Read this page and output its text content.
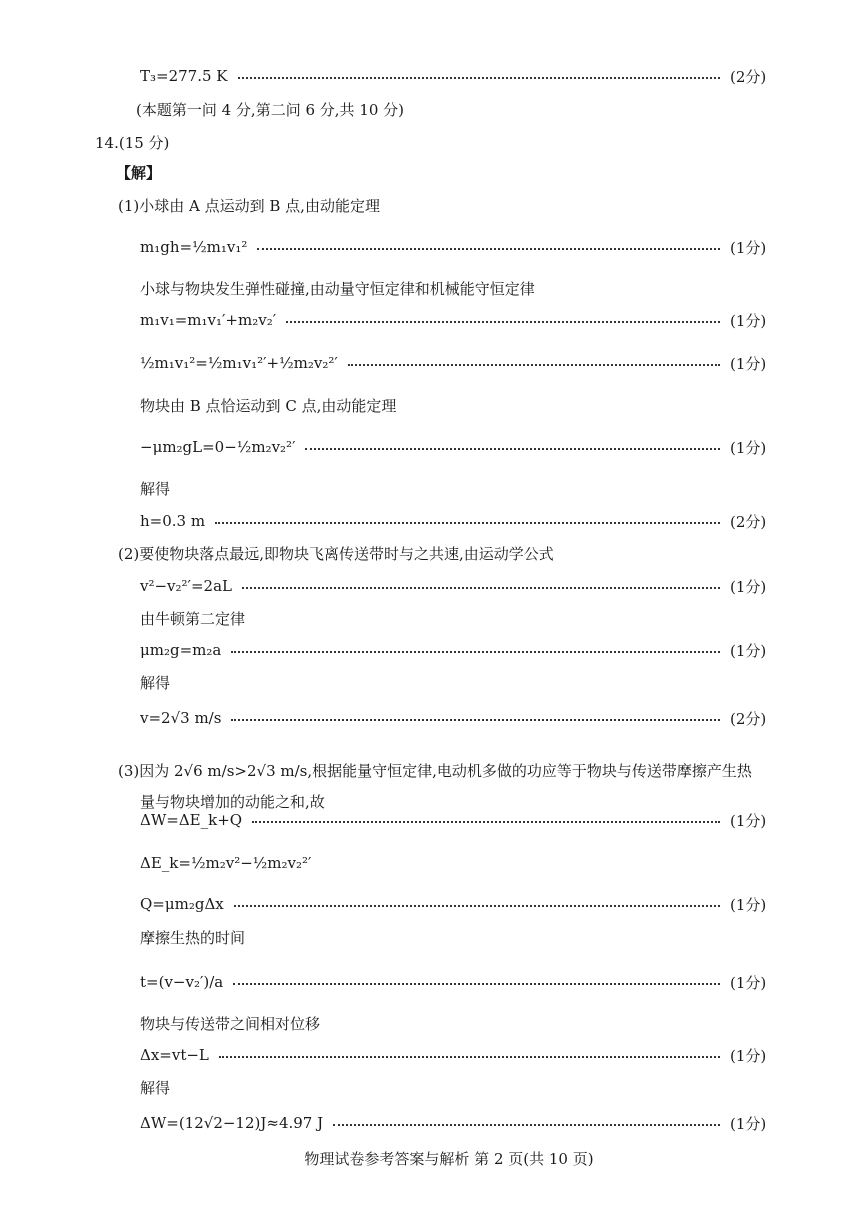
T₃=277.5 K	(2分)
(本题第一问 4 分,第二问 6 分,共 10 分)
14.(15 分)
【解】
(1)小球由 A 点运动到 B 点,由动能定理
m₁gh=½m₁v₁²	(1分)
小球与物块发生弹性碰撞,由动量守恒定律和机械能守恒定律
m₁v₁=m₁v₁′+m₂v₂′	(1分)
½m₁v₁²=½m₁v₁²′+½m₂v₂²′	(1分)
物块由 B 点恰运动到 C 点,由动能定理
−μm₂gL=0−½m₂v₂²′	(1分)
解得
h=0.3 m	(2分)
(2)要使物块落点最远,即物块飞离传送带时与之共速,由运动学公式
v²−v₂²′=2aL	(1分)
由牛顿第二定律
μm₂g=m₂a	(1分)
解得
v=2√3 m/s	(2分)
(3)因为 2√6 m/s>2√3 m/s,根据能量守恒定律,电动机多做的功应等于物块与传送带摩擦产生热
量与物块增加的动能之和,故
ΔW=ΔE_k+Q	(1分)
ΔE_k=½m₂v²−½m₂v₂²′
Q=μm₂gΔx	(1分)
摩擦生热的时间
t=(v−v₂′)/a	(1分)
物块与传送带之间相对位移
Δx=vt−L	(1分)
解得
ΔW=(12√2−12)J≈4.97 J	(1分)
物理试卷参考答案与解析 第 2 页(共 10 页)
